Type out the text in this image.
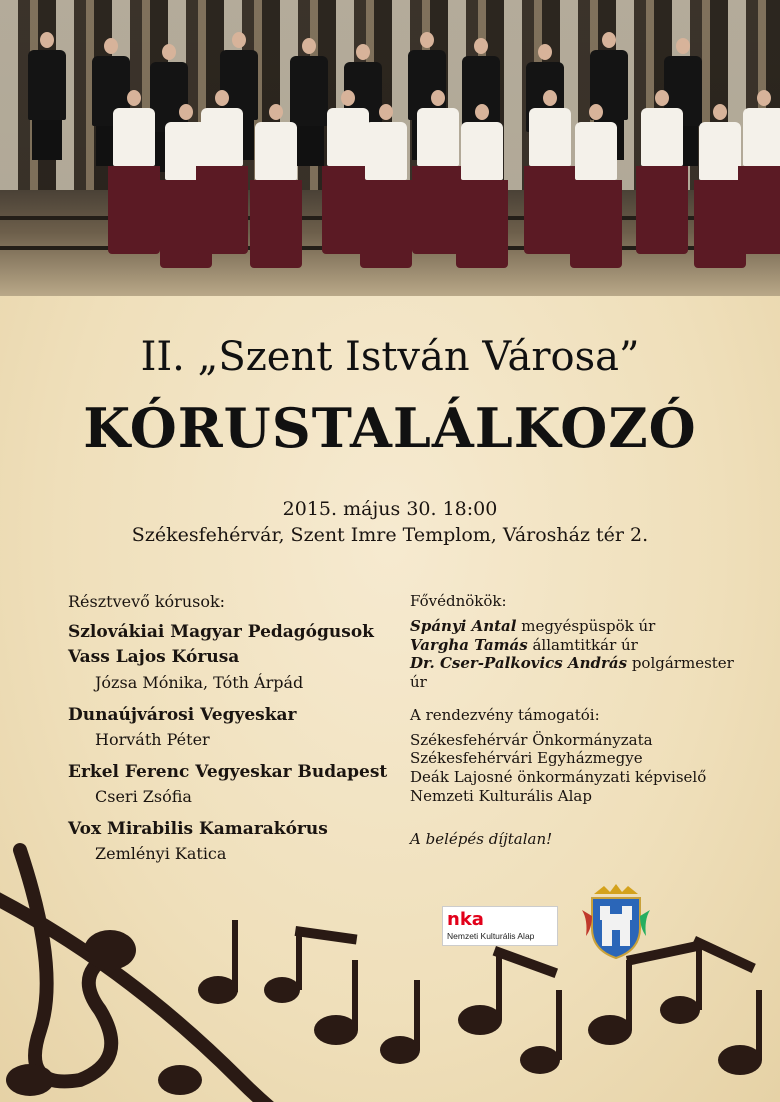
II. „Szent István Városa”
KÓRUSTALÁLKOZÓ

2015. május 30. 18:00

Székesfehérvár, Szent Imre Templom, Városház tér 2.

Résztvevő kórusok:
Szlovákiai Magyar Pedagógusok
Vass Lajos Kórusa
Józsa Mónika, Tóth Árpád
Dunaújvárosi Vegyeskar
Horváth Péter
Erkel Ferenc Vegyeskar Budapest
Cseri Zsófia
Vox Mirabilis Kamarakórus
Zemlényi Katica
Fővédnökök:
Spányi Antal megyéspüspök úr
Vargha Tamás államtitkár úr
Dr. Cser-Palkovics András polgármester úr
A rendezvény támogatói:
Székesfehérvár Önkormányzata
Székesfehérvári Egyházmegye
Deák Lajosné önkormányzati képviselő
Nemzeti Kulturális Alap
A belépés díjtalan!
nka
Nemzeti Kulturális Alap
